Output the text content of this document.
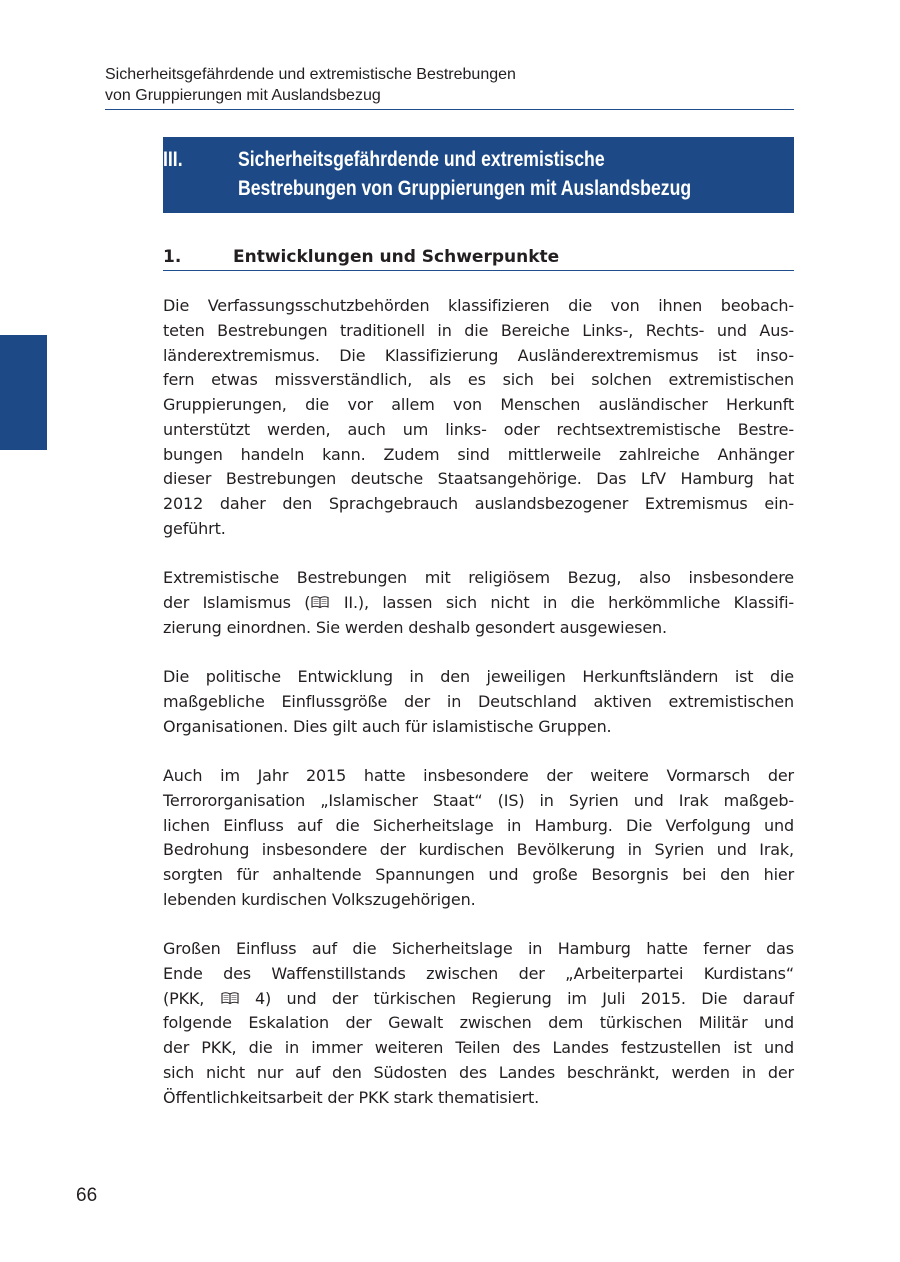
Sicherheitsgefährdende und extremistische Bestrebungen
von Gruppierungen mit Auslandsbezug
III.	Sicherheitsgefährdende und extremistische
Bestrebungen von Gruppierungen mit Auslandsbezug
1.	Entwicklungen und Schwerpunkte
Die Verfassungsschutzbehörden klassifizieren die von ihnen beobach-
teten Bestrebungen traditionell in die Bereiche Links-, Rechts- und Aus-
länderextremismus. Die Klassifizierung Ausländerextremismus ist inso-
fern etwas missverständlich, als es sich bei solchen extremistischen
Gruppierungen, die vor allem von Menschen ausländischer Herkunft
unterstützt werden, auch um links- oder rechtsextremistische Bestre-
bungen handeln kann. Zudem sind mittlerweile zahlreiche Anhänger
dieser Bestrebungen deutsche Staatsangehörige. Das LfV Hamburg hat
2012 daher den Sprachgebrauch auslandsbezogener Extremismus ein-
geführt.
Extremistische Bestrebungen mit religiösem Bezug, also insbesondere
der Islamismus ( II.), lassen sich nicht in die herkömmliche Klassifi-
zierung einordnen. Sie werden deshalb gesondert ausgewiesen.
Die politische Entwicklung in den jeweiligen Herkunftsländern ist die
maßgebliche Einflussgröße der in Deutschland aktiven extremistischen
Organisationen. Dies gilt auch für islamistische Gruppen.
Auch im Jahr 2015 hatte insbesondere der weitere Vormarsch der
Terrororganisation „Islamischer Staat“ (IS) in Syrien und Irak maßgeb-
lichen Einfluss auf die Sicherheitslage in Hamburg. Die Verfolgung und
Bedrohung insbesondere der kurdischen Bevölkerung in Syrien und Irak,
sorgten für anhaltende Spannungen und große Besorgnis bei den hier
lebenden kurdischen Volkszugehörigen.
Großen Einfluss auf die Sicherheitslage in Hamburg hatte ferner das
Ende des Waffenstillstands zwischen der „Arbeiterpartei Kurdistans“
(PKK,  4) und der türkischen Regierung im Juli 2015. Die darauf
folgende Eskalation der Gewalt zwischen dem türkischen Militär und
der PKK, die in immer weiteren Teilen des Landes festzustellen ist und
sich nicht nur auf den Südosten des Landes beschränkt, werden in der
Öffentlichkeitsarbeit der PKK stark thematisiert.
66
